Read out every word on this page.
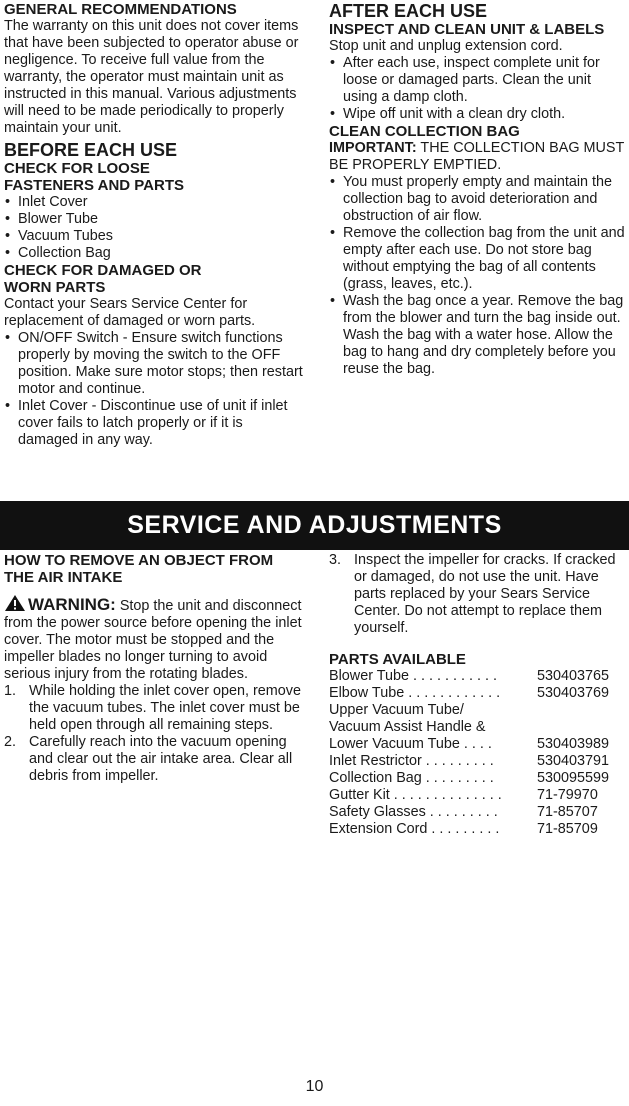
GENERAL RECOMMENDATIONS

The warranty on this unit does not cover items that have been subjected to operator abuse or negligence. To receive full value from the warranty, the operator must maintain unit as instructed in this manual. Various adjustments will need to be made periodically to properly maintain your unit.

BEFORE EACH USE

CHECK FOR LOOSE FASTENERS AND PARTS

• Inlet Cover
• Blower Tube
• Vacuum Tubes
• Collection Bag

CHECK FOR DAMAGED OR WORN PARTS

Contact your Sears Service Center for replacement of damaged or worn parts.

• ON/OFF Switch - Ensure switch functions properly by moving the switch to the OFF position. Make sure motor stops; then restart motor and continue.
• Inlet Cover - Discontinue use of unit if inlet cover fails to latch properly or if it is damaged in any way.

AFTER EACH USE

INSPECT AND CLEAN UNIT & LABELS

Stop unit and unplug extension cord.

• After each use, inspect complete unit for loose or damaged parts. Clean the unit using a damp cloth.
• Wipe off unit with a clean dry cloth.

CLEAN COLLECTION BAG

IMPORTANT: THE COLLECTION BAG MUST BE PROPERLY EMPTIED.

• You must properly empty and maintain the collection bag to avoid deterioration and obstruction of air flow.
• Remove the collection bag from the unit and empty after each use. Do not store bag without emptying the bag of all contents (grass, leaves, etc.).
• Wash the bag once a year. Remove the bag from the blower and turn the bag inside out. Wash the bag with a water hose. Allow the bag to hang and dry completely before you reuse the bag.
SERVICE AND ADJUSTMENTS

HOW TO REMOVE AN OBJECT FROM THE AIR INTAKE

WARNING: Stop the unit and disconnect from the power source before opening the inlet cover. The motor must be stopped and the impeller blades no longer turning to avoid serious injury from the rotating blades.

1. While holding the inlet cover open, remove the vacuum tubes. The inlet cover must be held open through all remaining steps.
2. Carefully reach into the vacuum opening and clear out the air intake area. Clear all debris from impeller.
3. Inspect the impeller for cracks. If cracked or damaged, do not use the unit. Have parts replaced by your Sears Service Center. Do not attempt to replace them yourself.

PARTS AVAILABLE

Blower Tube . . . . . . . . . . .	530403765
Elbow Tube . . . . . . . . . . . .	530403769
Upper Vacuum Tube/
Vacuum Assist Handle &
Lower Vacuum Tube . . . .	530403989
Inlet Restrictor . . . . . . . . .	530403791
Collection Bag . . . . . . . . .	530095599
Gutter Kit . . . . . . . . . . . . . . 71-79970
Safety Glasses . . . . . . . . .	71-85707
Extension Cord . . . . . . . . .	71-85709
10
